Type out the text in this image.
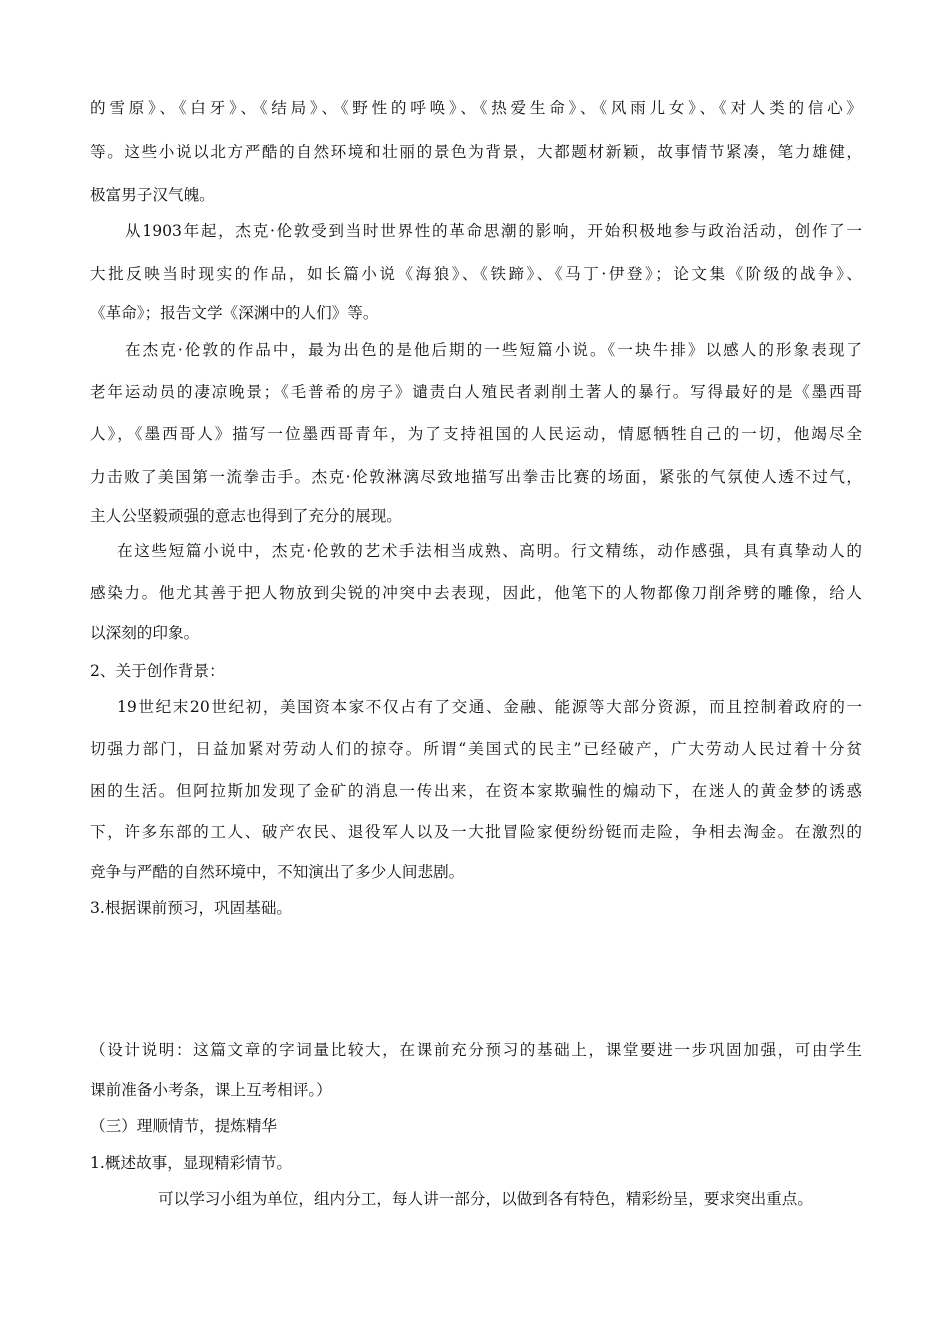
的雪原》、《白牙》、《结局》、《野性的呼唤》、《热爱生命》、《风雨儿女》、《对人类的信心》
等。这些小说以北方严酷的自然环境和壮丽的景色为背景，大都题材新颖，故事情节紧凑，笔力雄健，
极富男子汉气魄。
从1903年起，杰克·伦敦受到当时世界性的革命思潮的影响，开始积极地参与政治活动，创作了一
大批反映当时现实的作品，如长篇小说《海狼》、《铁蹄》、《马丁·伊登》；论文集《阶级的战争》、
《革命》；报告文学《深渊中的人们》等。
在杰克·伦敦的作品中，最为出色的是他后期的一些短篇小说。《一块牛排》以感人的形象表现了
老年运动员的凄凉晚景；《毛普希的房子》谴责白人殖民者剥削土著人的暴行。写得最好的是《墨西哥
人》，《墨西哥人》描写一位墨西哥青年，为了支持祖国的人民运动，情愿牺牲自己的一切，他竭尽全
力击败了美国第一流拳击手。杰克·伦敦淋漓尽致地描写出拳击比赛的场面，紧张的气氛使人透不过气，
主人公坚毅顽强的意志也得到了充分的展现。
在这些短篇小说中，杰克·伦敦的艺术手法相当成熟、高明。行文精练，动作感强，具有真挚动人的
感染力。他尤其善于把人物放到尖锐的冲突中去表现，因此，他笔下的人物都像刀削斧劈的雕像，给人
以深刻的印象。
2、关于创作背景：
19世纪末20世纪初，美国资本家不仅占有了交通、金融、能源等大部分资源，而且控制着政府的一
切强力部门，日益加紧对劳动人们的掠夺。所谓“美国式的民主”已经破产，广大劳动人民过着十分贫
困的生活。但阿拉斯加发现了金矿的消息一传出来，在资本家欺骗性的煽动下，在迷人的黄金梦的诱惑
下，许多东部的工人、破产农民、退役军人以及一大批冒险家便纷纷铤而走险，争相去淘金。在激烈的
竞争与严酷的自然环境中，不知演出了多少人间悲剧。
3.根据课前预习，巩固基础。
（设计说明：这篇文章的字词量比较大，在课前充分预习的基础上，课堂要进一步巩固加强，可由学生
课前准备小考条，课上互考相评。）
（三）理顺情节，提炼精华
1.概述故事，显现精彩情节。
可以学习小组为单位，组内分工，每人讲一部分，以做到各有特色，精彩纷呈，要求突出重点。
